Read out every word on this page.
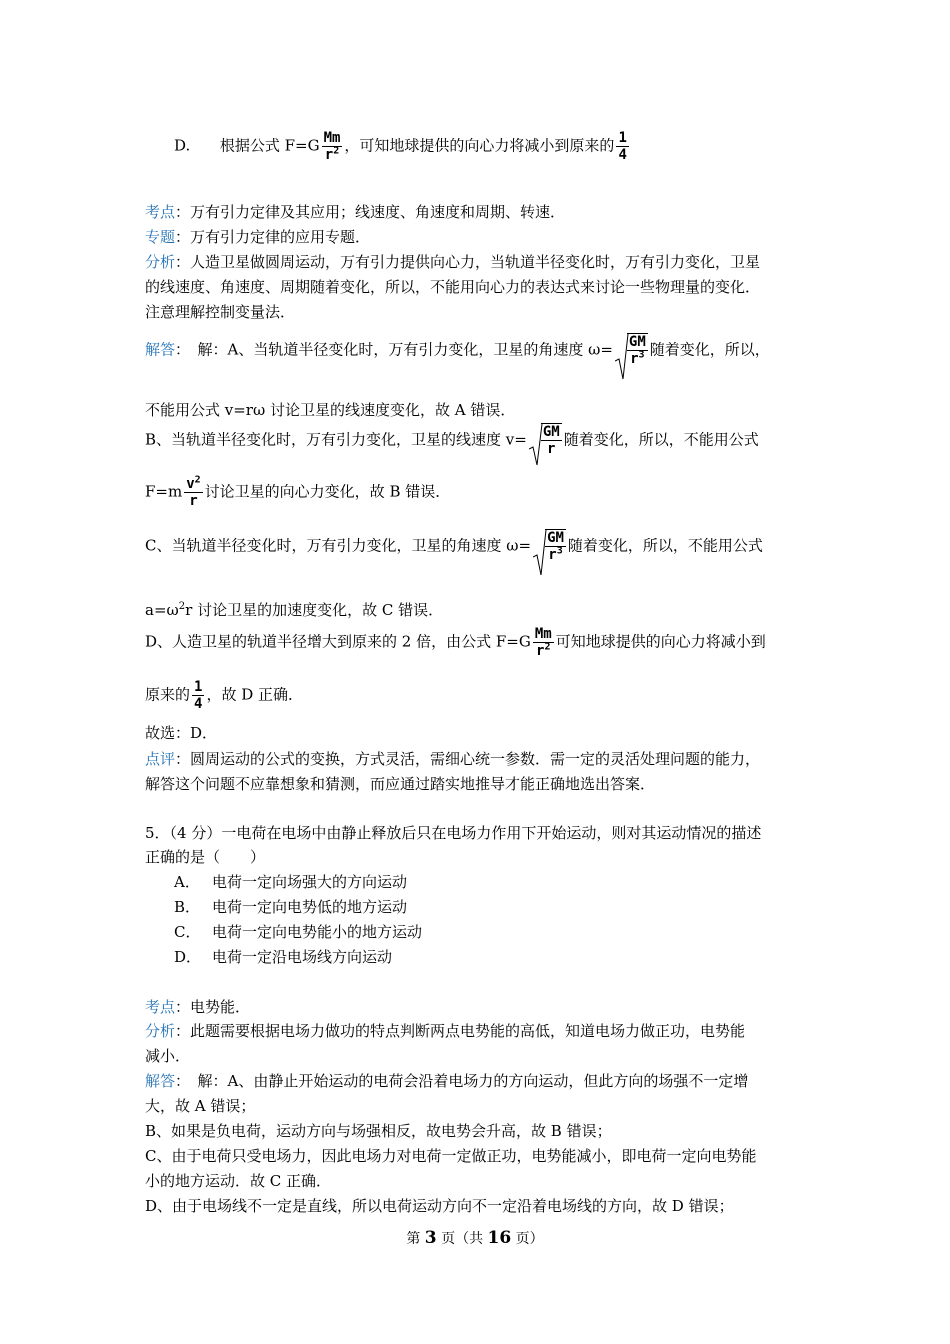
D. 根据公式 $F=G \frac{Mm}{r^2}$ ，可知地球提供的向心力将减小到原来的 $\frac{1}{4}$
考点：万有引力定律及其应用；线速度、角速度和周期、转速．
专题：万有引力定律的应用专题．
分析：人造卫星做圆周运动，万有引力提供向心力，当轨道半径变化时，万有引力变化，卫星
的线速度、角速度、周期随着变化，所以，不能用向心力的表达式来讨论一些物理量的变化．
注意理解控制变量法．
解答：　解：A、当轨道半径变化时，万有引力变化，卫星的角速度 $\omega= \frac{GM}{r^3}$ 随着变化，所以，
不能用公式 v=rω 讨论卫星的线速度变化，故 A 错误．
B、当轨道半径变化时，万有引力变化，卫星的线速度 $v= \frac{GM}{r}$ 随着变化，所以，不能用公式
$F=m \frac{v^2}{r}$ 讨论卫星的向心力变化，故 B 错误．
C、当轨道半径变化时，万有引力变化，卫星的角速度 $\omega= \frac{GM}{r^3}$ 随着变化，所以，不能用公式
$a=\omega^2r$ 讨论卫星的加速度变化，故 C 错误．
D、人造卫星的轨道半径增大到原来的 2 倍，由公式 $F=G \frac{Mm}{r^2}$ 可知地球提供的向心力将减小到
原来的 $\frac{1}{4}$ ，故 D 正确．
故选：D．
点评：圆周运动的公式的变换，方式灵活，需细心统一参数．需一定的灵活处理问题的能力，
解答这个问题不应靠想象和猜测，而应通过踏实地推导才能正确地选出答案．
5．（4 分）一电荷在电场中由静止释放后只在电场力作用下开始运动，则对其运动情况的描述
正确的是（　　）
A． 电荷一定向场强大的方向运动
B． 电荷一定向电势低的地方运动
C． 电荷一定向电势能小的地方运动
D． 电荷一定沿电场线方向运动
考点：电势能．
分析：此题需要根据电场力做功的特点判断两点电势能的高低，知道电场力做正功，电势能
减小．
解答：　解：A、由静止开始运动的电荷会沿着电场力的方向运动，但此方向的场强不一定增
大，故 A 错误；
B、如果是负电荷，运动方向与场强相反，故电势会升高，故 B 错误；
C、由于电荷只受电场力，因此电场力对电荷一定做正功，电势能减小，即电荷一定向电势能
小的地方运动．故 C 正确．
D、由于电场线不一定是直线，所以电荷运动方向不一定沿着电场线的方向，故 D 错误；
第 3 页（共 16 页）
